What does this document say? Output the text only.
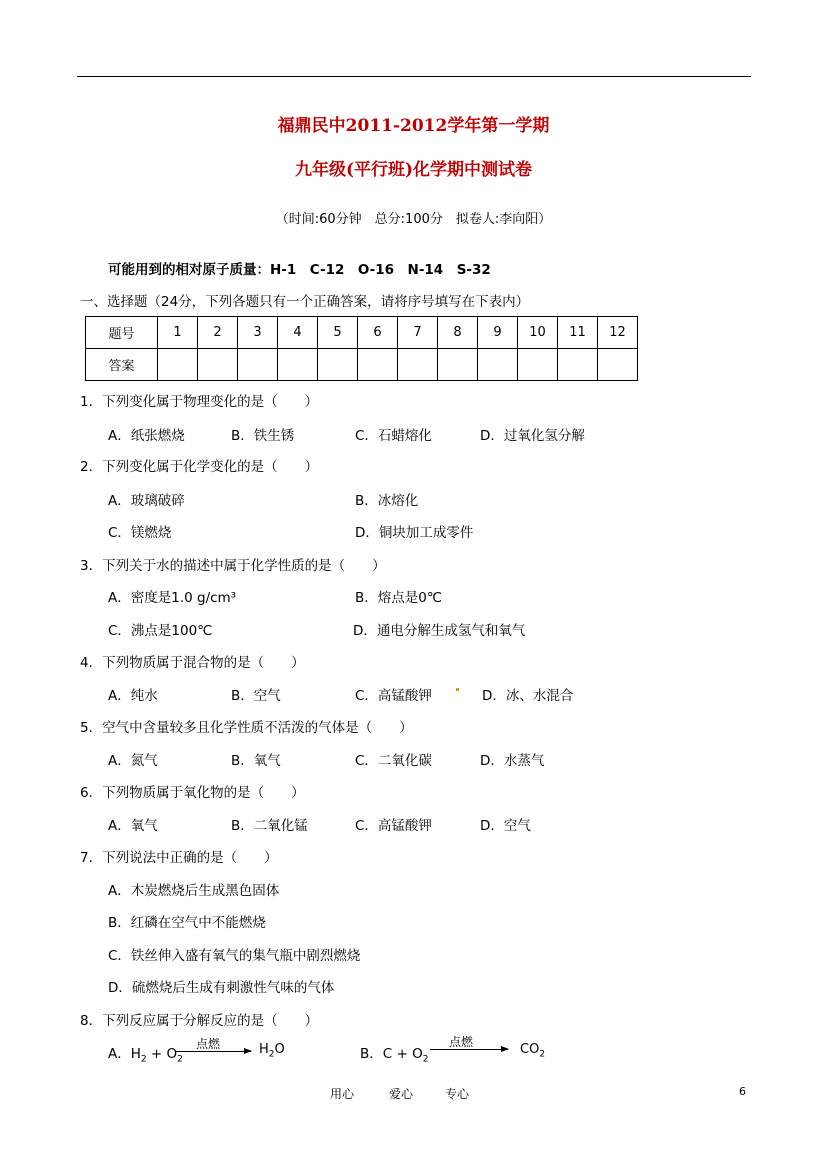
福鼎民中2011-2012学年第一学期
九年级(平行班)化学期中测试卷
（时间:60分钟　总分:100分　拟卷人:李向阳）
可能用到的相对原子质量：H-1　C-12　O-16　N-14　S-32
一、选择题（24分，下列各题只有一个正确答案，请将序号填写在下表内）
题号	1	2	3	4	5	6	7	8	9	10	11	12
答案												
1．下列变化属于物理变化的是（　　）
A．纸张燃烧	B．铁生锈	C．石蜡熔化	D．过氧化氢分解
2．下列变化属于化学变化的是（　　）
A．玻璃破碎	B．冰熔化
C．镁燃烧	D．铜块加工成零件
3．下列关于水的描述中属于化学性质的是（　　）
A．密度是1.0 g/cm³	B．熔点是0℃
C．沸点是100℃	D．通电分解生成氢气和氧气
4．下列物质属于混合物的是（　　）
A．纯水	B．空气	C．高锰酸钾	D．冰、水混合
5．空气中含量较多且化学性质不活泼的气体是（　　）
A．氮气	B．氧气	C．二氧化碳	D．水蒸气
6．下列物质属于氧化物的是（　　）
A．氧气	B．二氧化锰	C．高锰酸钾	D．空气
7．下列说法中正确的是（　　）
A．木炭燃烧后生成黑色固体
B．红磷在空气中不能燃烧
C．铁丝伸入盛有氧气的集气瓶中剧烈燃烧
D．硫燃烧后生成有刺激性气味的气体
8．下列反应属于分解反应的是（　　）
A．$H_2 + O_2$
点燃	$H_2O$	B．$C + O_2$
点燃	$CO_2$
用心	爱心	专心	6
